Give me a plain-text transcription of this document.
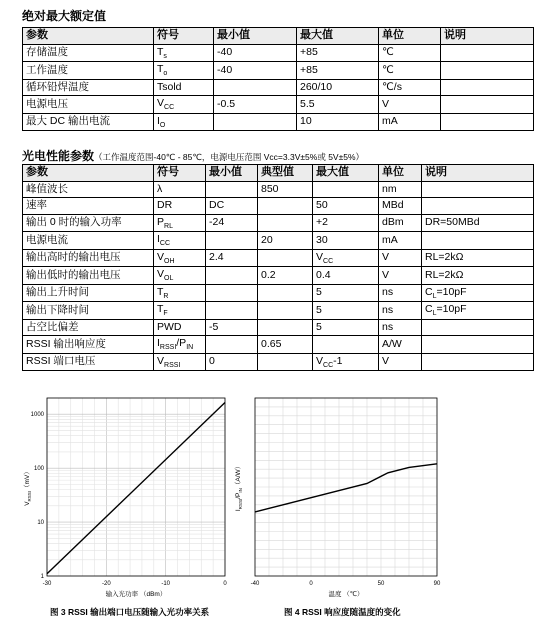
绝对最大额定值
参数	符号	最小值	最大值	单位	说明
存储温度	$T_s$	-40	+85	℃	
工作温度	$T_o$	-40	+85	℃	
循环铅焊温度	Tsold		260/10	℃/s	
电源电压	$V_{CC}$	-0.5	5.5	V	
最大 DC 输出电流	$I_O$		10	mA	
光电性能参数（工作温度范围-40℃ - 85℃，电源电压范围 Vcc=3.3V±5%或 5V±5%）
参数	符号	最小值	典型值	最大值	单位	说明
峰值波长	λ		850		nm	
速率	DR	DC		50	MBd	
输出 0 时的输入功率	$P_{RL}$	-24		+2	dBm	DR=50MBd
电源电流	$I_{CC}$		20	30	mA	
输出高时的输出电压	$V_{OH}$	2.4		$V_{CC}$	V	RL=2kΩ
输出低时的输出电压	$V_{OL}$		0.2	0.4	V	RL=2kΩ
输出上升时间	$T_R$			5	ns	$C_L=10pF$
输出下降时间	$T_F$			5	ns	$C_L=10pF$
占空比偏差	PWD	-5		5	ns	
RSSI 输出响应度	$I_{RSSI}/P_{IN}$		0.65		A/W	
RSSI 端口电压	$V_{RSSI}$	0		$V_{CC}-1$	V	
-30	-20	-10	0
1
10
100
1000
输入光功率 （dBm）
$V_{RSSI}(mV)$
-40	0	50	90
温度 （℃）
$I_{RSSI}/P_{IN}(A/W)$
图 3 RSSI 输出端口电压随输入光功率关系	图 4 RSSI 响应度随温度的变化
